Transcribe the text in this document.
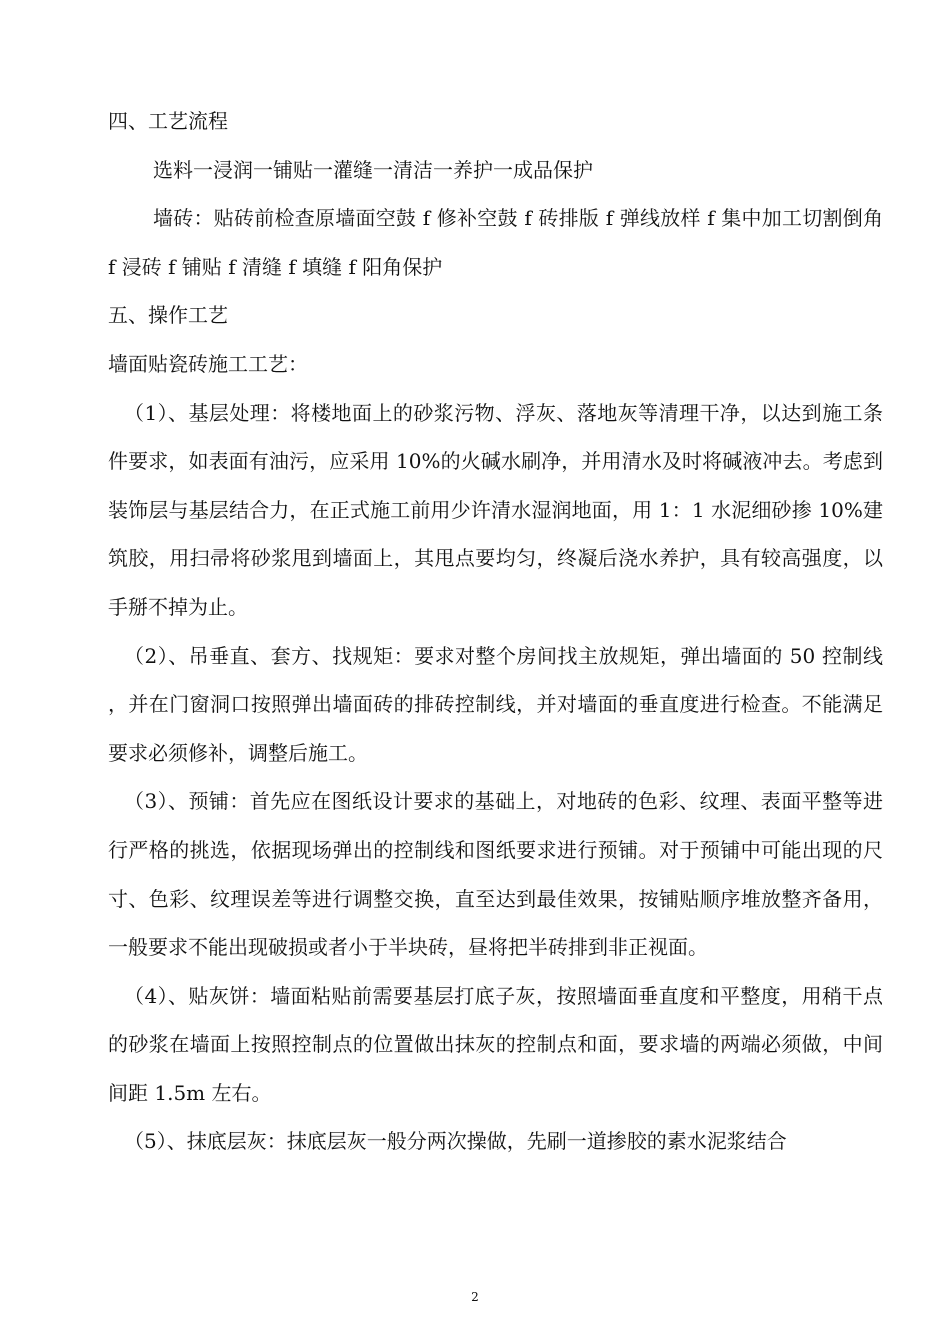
四、工艺流程

选料一浸润一铺贴一灌缝一清洁一养护一成品保护

墙砖：贴砖前检查原墙面空鼓 f 修补空鼓 f 砖排版 f 弹线放样 f 集中加工切割倒角 f 浸砖 f 铺贴 f 清缝 f 填缝 f 阳角保护

五、操作工艺

墙面贴瓷砖施工工艺：

（1）、基层处理：将楼地面上的砂浆污物、浮灰、落地灰等清理干净，以达到施工条件要求，如表面有油污，应采用 10%的火碱水刷净，并用清水及时将碱液冲去。考虑到装饰层与基层结合力，在正式施工前用少许清水湿润地面，用 1：1 水泥细砂掺 10%建筑胶，用扫帚将砂浆甩到墙面上，其甩点要均匀，终凝后浇水养护，具有较高强度，以手掰不掉为止。

（2）、吊垂直、套方、找规矩：要求对整个房间找主放规矩，弹出墙面的 50 控制线，并在门窗洞口按照弹出墙面砖的排砖控制线，并对墙面的垂直度进行检查。不能满足要求必须修补，调整后施工。

（3）、预铺：首先应在图纸设计要求的基础上，对地砖的色彩、纹理、表面平整等进行严格的挑选，依据现场弹出的控制线和图纸要求进行预铺。对于预铺中可能出现的尺寸、色彩、纹理误差等进行调整交换，直至达到最佳效果，按铺贴顺序堆放整齐备用，一般要求不能出现破损或者小于半块砖，昼将把半砖排到非正视面。

（4）、贴灰饼：墙面粘贴前需要基层打底子灰，按照墙面垂直度和平整度，用稍干点的砂浆在墙面上按照控制点的位置做出抹灰的控制点和面，要求墙的两端必须做，中间间距 1.5m 左右。

（5）、抹底层灰：抹底层灰一般分两次操做，先刷一道掺胶的素水泥浆结合

2
